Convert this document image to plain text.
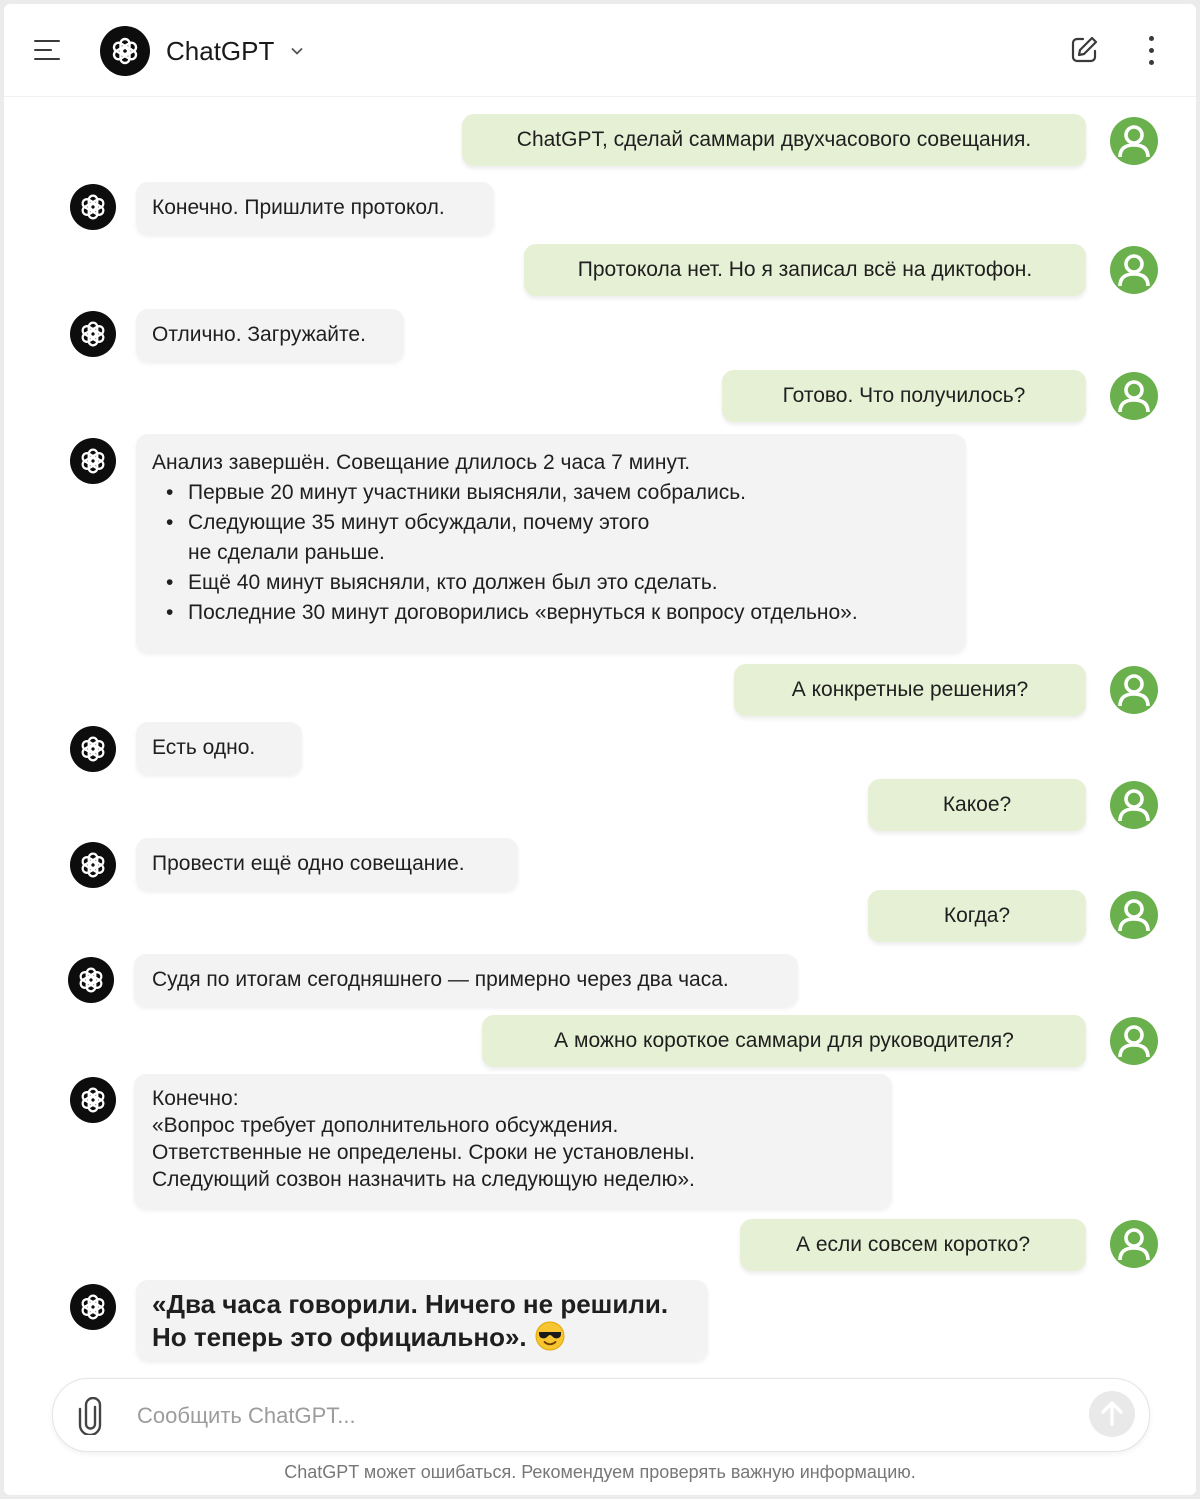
ChatGPT
ChatGPT, сделай саммари двухчасового совещания.
Конечно. Пришлите протокол.
Протокола нет. Но я записал всё на диктофон.
Отлично. Загружайте.
Готово. Что получилось?
Анализ завершён. Совещание длилось 2 часа 7 минут.
• Первые 20 минут участники выясняли, зачем собрались.
• Следующие 35 минут обсуждали, почему этого
не сделали раньше.
• Ещё 40 минут выясняли, кто должен был это сделать.
• Последние 30 минут договорились «вернуться к вопросу отдельно».
А конкретные решения?
Есть одно.
Какое?
Провести ещё одно совещание.
Когда?
Судя по итогам сегодняшнего — примерно через два часа.
А можно короткое саммари для руководителя?
Конечно:
«Вопрос требует дополнительного обсуждения.
Ответственные не определены. Сроки не установлены.
Следующий созвон назначить на следующую неделю».
А если совсем коротко?
«Два часа говорили. Ничего не решили.
Но теперь это официально».
Сообщить ChatGPT...
ChatGPT может ошибаться. Рекомендуем проверять важную информацию.
